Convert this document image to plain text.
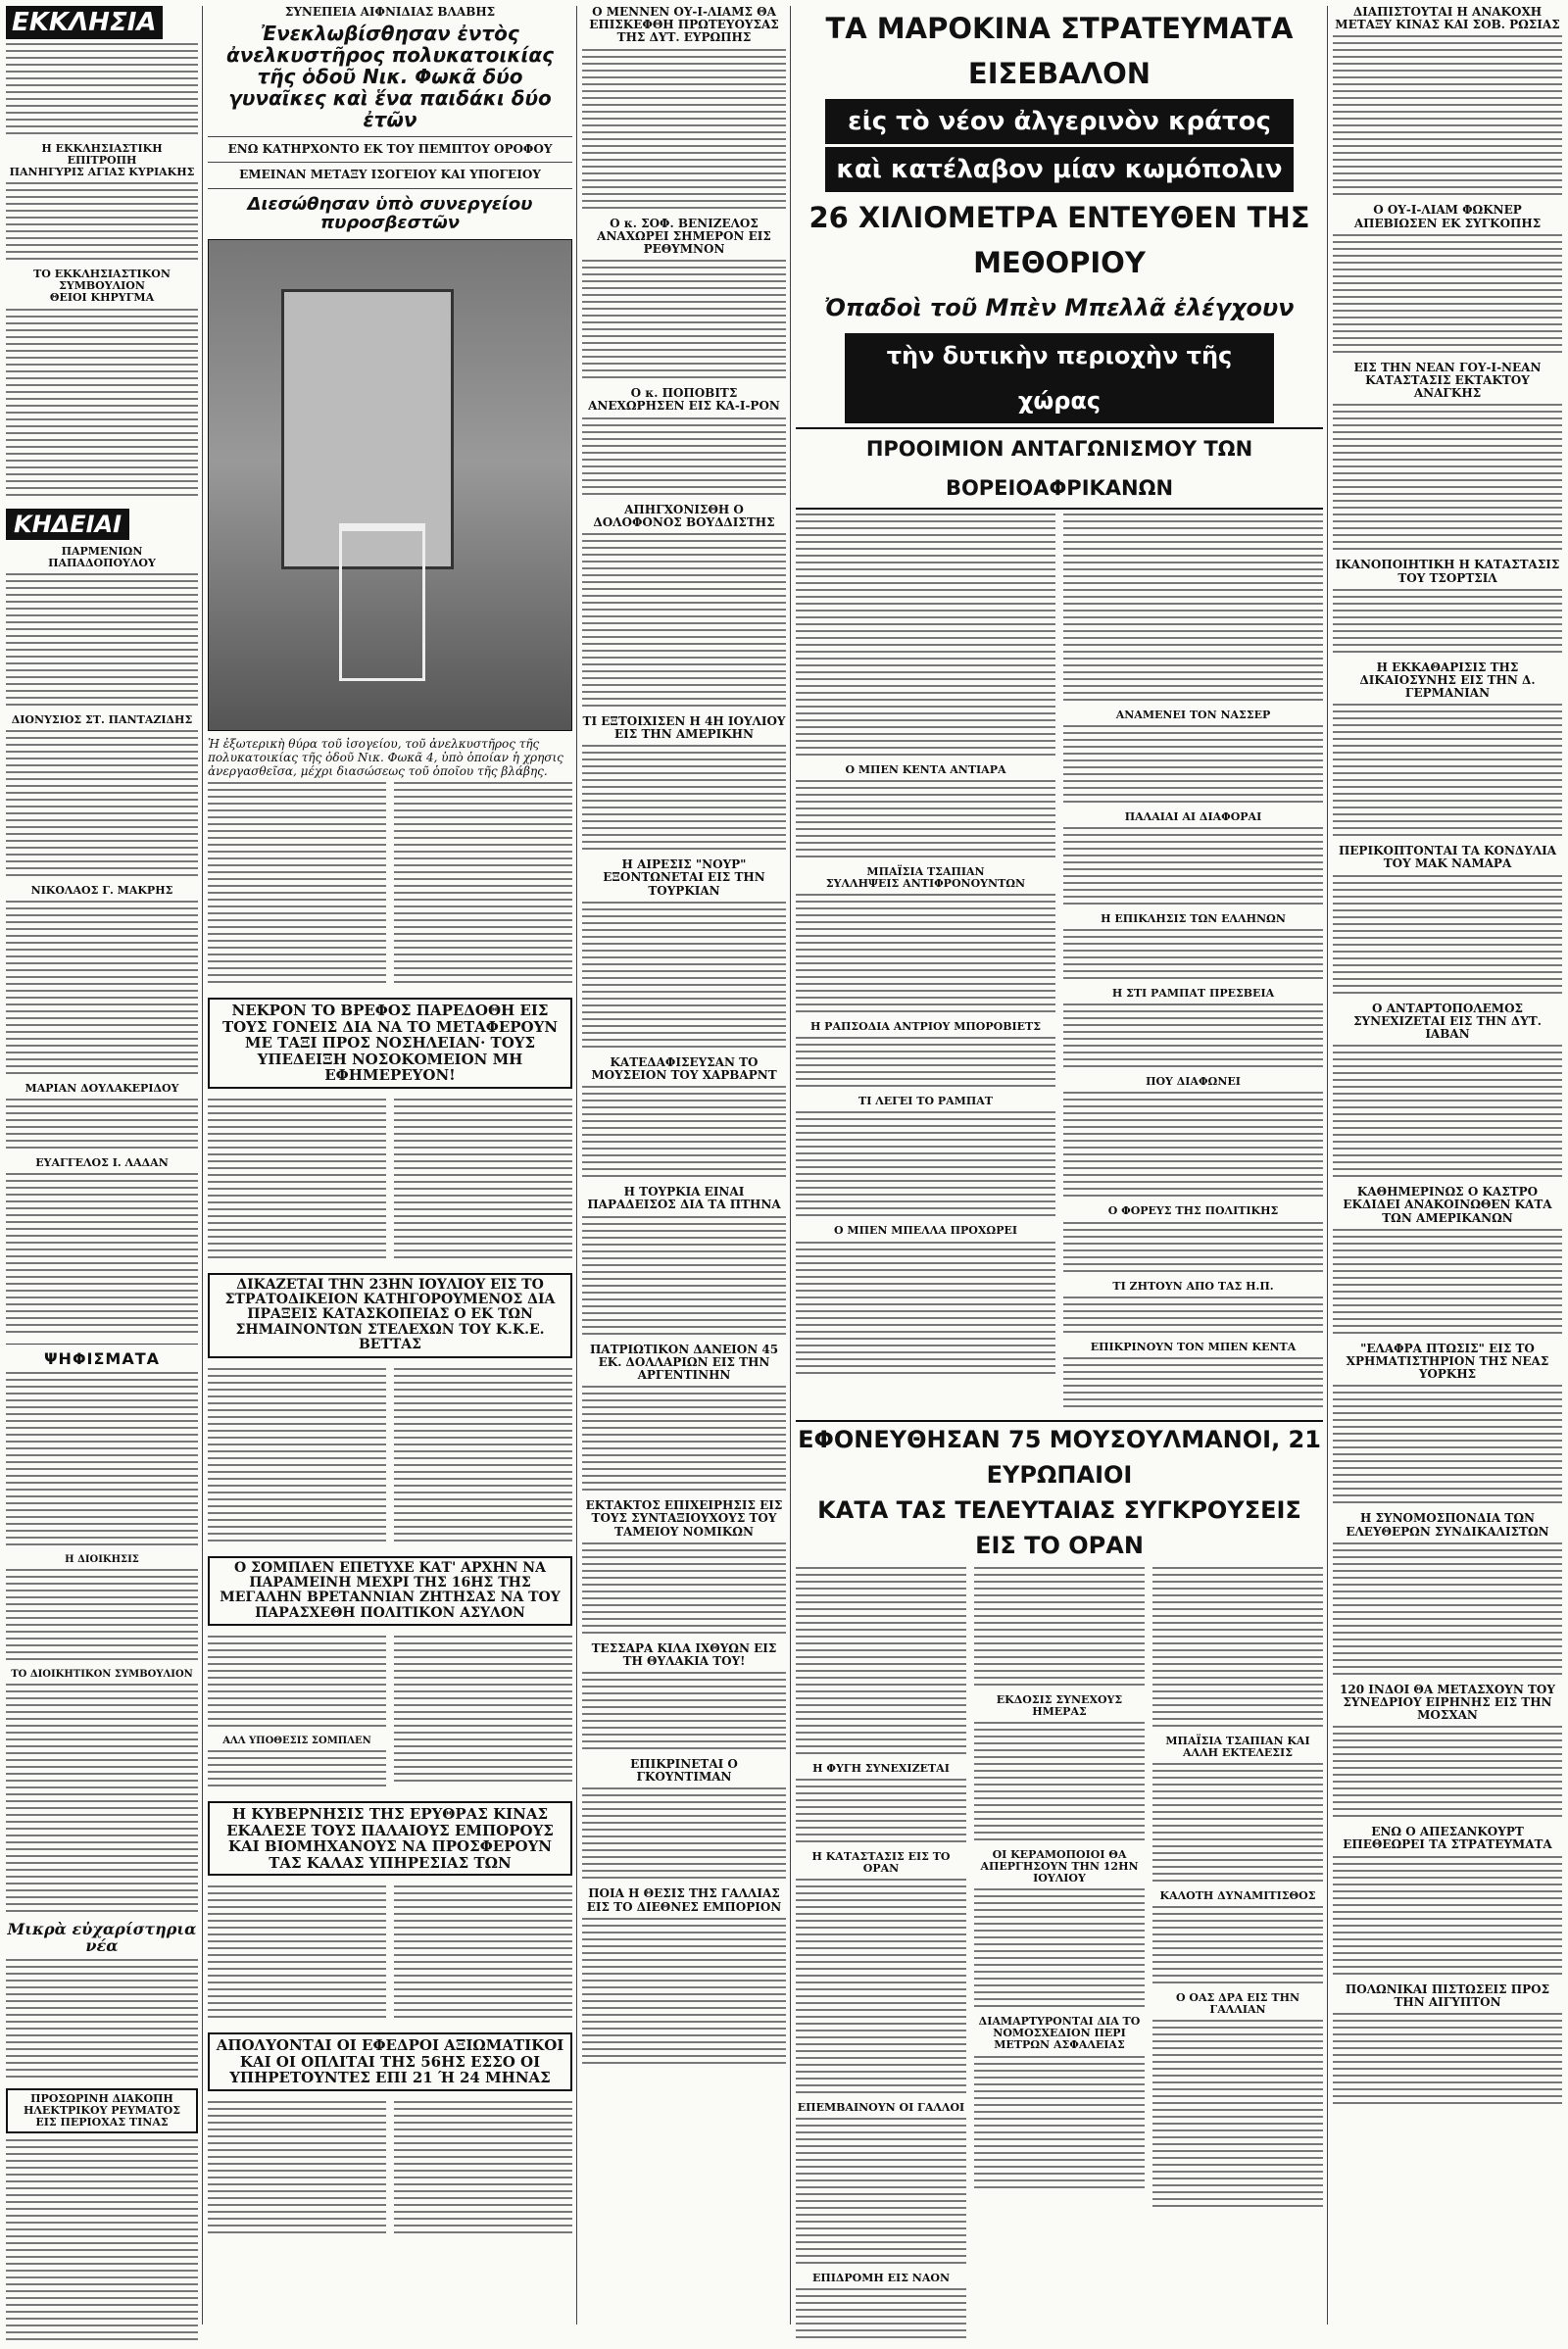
ΕΚΚΛΗΣΙΑ
Η ΕΚΚΛΗΣΙΑΣΤΙΚΗ ΕΠΙΤΡΟΠΗ
ΠΑΝΗΓΥΡΙΣ ΑΓΙΑΣ ΚΥΡΙΑΚΗΣ
ΤΟ ΕΚΚΛΗΣΙΑΣΤΙΚΟΝ ΣΥΜΒΟΥΛΙΟΝ
ΘΕΙΟΙ ΚΗΡΥΓΜΑ
ΚΗΔΕΙΑΙ
ΠΑΡΜΕΝΙΩΝ ΠΑΠΑΔΟΠΟΥΛΟΥ
ΔΙΟΝΥΣΙΟΣ ΣΤ. ΠΑΝΤΑΖΙΔΗΣ
ΝΙΚΟΛΑΟΣ Γ. ΜΑΚΡΗΣ
ΜΑΡΙΑΝ ΔΟΥΛΑΚΕΡΙΔΟΥ
ΕΥΑΓΓΕΛΟΣ Ι. ΛΑΔΑΝ
ΨΗΦΙΣΜΑΤΑ
Η ΔΙΟΙΚΗΣΙΣ
ΤΟ ΔΙΟΙΚΗΤΙΚΟΝ ΣΥΜΒΟΥΛΙΟΝ
Μικρὰ εὐχαρίστηρια νέα
ΠΡΟΣΩΡΙΝΗ ΔΙΑΚΟΠΗ ΗΛΕΚΤΡΙΚΟΥ ΡΕΥΜΑΤΟΣ ΕΙΣ ΠΕΡΙΟΧΑΣ ΤΙΝΑΣ
ΣΥΝΕΠΕΙΑ ΑΙΦΝΙΔΙΑΣ ΒΛΑΒΗΣ
Ἐνεκλωβίσθησαν ἐντὸς ἀνελκυστῆρος πολυκατοικίας τῆς ὁδοῦ Νικ. Φωκᾶ δύο γυναῖκες καὶ ἕνα παιδάκι δύο ἐτῶν
ΕΝΩ ΚΑΤΗΡΧΟΝΤΟ ΕΚ ΤΟΥ ΠΕΜΠΤΟΥ ΟΡΟΦΟΥ
ΕΜΕΙΝΑΝ ΜΕΤΑΞΥ ΙΣΟΓΕΙΟΥ ΚΑΙ ΥΠΟΓΕΙΟΥ
Διεσώθησαν ὑπὸ συνεργείου πυροσβεστῶν
Ἡ ἐξωτερικὴ θύρα τοῦ ἰσογείου, τοῦ ἀνελκυστῆρος τῆς πολυκατοικίας τῆς ὁδοῦ Νικ. Φωκᾶ 4, ὑπὸ ὁποίαν ἡ χρησις ἀνεργασθεῖσα, μέχρι διασώσεως τοῦ ὁποῖου τῆς βλάβης.
ΝΕΚΡΟΝ ΤΟ ΒΡΕΦΟΣ ΠΑΡΕΔΟΘΗ ΕΙΣ ΤΟΥΣ ΓΟΝΕΙΣ ΔΙΑ ΝΑ ΤΟ ΜΕΤΑΦΕΡΟΥΝ ΜΕ ΤΑΞΙ ΠΡΟΣ ΝΟΣΗΛΕΙΑΝ· ΤΟΥΣ ΥΠΕΔΕΙΞΗ ΝΟΣΟΚΟΜΕΙΟΝ ΜΗ ΕΦΗΜΕΡΕΥΟΝ!
ΔΙΚΑΖΕΤΑΙ ΤΗΝ 23ΗΝ ΙΟΥΛΙΟΥ ΕΙΣ ΤΟ ΣΤΡΑΤΟΔΙΚΕΙΟΝ ΚΑΤΗΓΟΡΟΥΜΕΝΟΣ ΔΙΑ ΠΡΑΞΕΙΣ ΚΑΤΑΣΚΟΠΕΙΑΣ Ο ΕΚ ΤΩΝ ΣΗΜΑΙΝΟΝΤΩΝ ΣΤΕΛΕΧΩΝ ΤΟΥ Κ.Κ.Ε. ΒΕΤΤΑΣ
Ο ΣΟΜΠΛΕΝ ΕΠΕΤΥΧΕ ΚΑΤ' ΑΡΧΗΝ ΝΑ ΠΑΡΑΜΕΙΝΗ ΜΕΧΡΙ ΤΗΣ 16ΗΣ ΤΗΣ ΜΕΓΑΛΗΝ ΒΡΕΤΑΝΝΙΑΝ ΖΗΤΗΣΑΣ ΝΑ ΤΟΥ ΠΑΡΑΣΧΕΘΗ ΠΟΛΙΤΙΚΟΝ ΑΣΥΛΟΝ
ΑΛΛ ΥΠΟΘΕΣΙΣ ΣΟΜΠΛΕΝ
Η ΚΥΒΕΡΝΗΣΙΣ ΤΗΣ ΕΡΥΘΡΑΣ ΚΙΝΑΣ ΕΚΑΛΕΣΕ ΤΟΥΣ ΠΑΛΑΙΟΥΣ ΕΜΠΟΡΟΥΣ ΚΑΙ ΒΙΟΜΗΧΑΝΟΥΣ ΝΑ ΠΡΟΣΦΕΡΟΥΝ ΤΑΣ ΚΑΛΑΣ ΥΠΗΡΕΣΙΑΣ ΤΩΝ
ΑΠΟΛΥΟΝΤΑΙ ΟΙ ΕΦΕΔΡΟΙ ΑΞΙΩΜΑΤΙΚΟΙ ΚΑΙ ΟΙ ΟΠΛΙΤΑΙ ΤΗΣ 56ΗΣ ΕΣΣΟ ΟΙ ΥΠΗΡΕΤΟΥΝΤΕΣ ΕΠΙ 21 Ή 24 ΜΗΝΑΣ
Ο ΜΕΝΝΕΝ ΟΥ-Ι-ΛΙΑΜΣ ΘΑ ΕΠΙΣΚΕΦΘΗ ΠΡΩΤΕΥΟΥΣΑΣ ΤΗΣ ΔΥΤ. ΕΥΡΩΠΗΣ
Ο κ. ΣΟΦ. ΒΕΝΙΖΕΛΟΣ ΑΝΑΧΩΡΕΙ ΣΗΜΕΡΟΝ ΕΙΣ ΡΕΘΥΜΝΟΝ
Ο κ. ΠΟΠΟΒΙΤΣ ΑΝΕΧΩΡΗΣΕΝ ΕΙΣ ΚΑ-Ι-ΡΟΝ
ΑΠΗΓΧΟΝΙΣΘΗ Ο ΔΟΛΟΦΟΝΟΣ ΒΟΥΔΔΙΣΤΗΣ
ΤΙ ΕΞΤΟΙΧΙΣΕΝ Η 4Η ΙΟΥΛΙΟΥ ΕΙΣ ΤΗΝ ΑΜΕΡΙΚΗΝ
Η ΑΙΡΕΣΙΣ "ΝΟΥΡ" ΕΞΟΝΤΩΝΕΤΑΙ ΕΙΣ ΤΗΝ ΤΟΥΡΚΙΑΝ
ΚΑΤΕΔΑΦΙΣΕΥΣΑΝ ΤΟ ΜΟΥΣΕΙΟΝ ΤΟΥ ΧΑΡΒΑΡΝΤ
Η ΤΟΥΡΚΙΑ ΕΙΝΑΙ ΠΑΡΑΔΕΙΣΟΣ ΔΙΑ ΤΑ ΠΤΗΝΑ
ΠΑΤΡΙΩΤΙΚΟΝ ΔΑΝΕΙΟΝ 45 ΕΚ. ΔΟΛΛΑΡΙΩΝ ΕΙΣ ΤΗΝ ΑΡΓΕΝΤΙΝΗΝ
ΕΚΤΑΚΤΟΣ ΕΠΙΧΕΙΡΗΣΙΣ ΕΙΣ ΤΟΥΣ ΣΥΝΤΑΞΙΟΥΧΟΥΣ ΤΟΥ ΤΑΜΕΙΟΥ ΝΟΜΙΚΩΝ
ΤΕΣΣΑΡΑ ΚΙΛΑ ΙΧΘΥΩΝ ΕΙΣ ΤΗ ΘΥΛΑΚΙΑ ΤΟΥ!
ΕΠΙΚΡΙΝΕΤΑΙ Ο ΓΚΟΥΝΤΙΜΑΝ
ΠΟΙΑ Η ΘΕΣΙΣ ΤΗΣ ΓΑΛΛΙΑΣ ΕΙΣ ΤΟ ΔΙΕΘΝΕΣ ΕΜΠΟΡΙΟΝ
ΤΑ ΜΑΡΟΚΙΝΑ ΣΤΡΑΤΕΥΜΑΤΑ ΕΙΣΕΒΑΛΟΝ
εἰς τὸ νέον ἀλγερινὸν κράτος
καὶ κατέλαβον μίαν κωμόπολιν
26 ΧΙΛΙΟΜΕΤΡΑ ΕΝΤΕΥΘΕΝ ΤΗΣ ΜΕΘΟΡΙΟΥ
Ὀπαδοὶ τοῦ Μπὲν Μπελλᾶ ἐλέγχουν
τὴν δυτικὴν περιοχὴν τῆς χώρας
ΠΡΟΟΙΜΙΟΝ ΑΝΤΑΓΩΝΙΣΜΟΥ ΤΩΝ ΒΟΡΕΙΟΑΦΡΙΚΑΝΩΝ
Ο ΜΠΕΝ ΚΕΝΤΑ ΑΝΤΙΑΡΑ
ΜΠΑΪΣΙΑ ΤΣΑΠΙΑΝ
ΣΥΛΛΗΨΕΙΣ ΑΝΤΙΦΡΟΝΟΥΝΤΩΝ
Η ΡΑΠΣΟΔΙΑ ΑΝΤΡΙΟΥ ΜΠΟΡΟΒΙΕΤΣ
ΤΙ ΛΕΓΕΙ ΤΟ ΡΑΜΠΑΤ
Ο ΜΠΕΝ ΜΠΕΛΛΑ ΠΡΟΧΩΡΕΙ
ΑΝΑΜΕΝΕΙ ΤΟΝ ΝΑΣΣΕΡ
ΠΑΛΑΙΑΙ ΑΙ ΔΙΑΦΟΡΑΙ
Η ΕΠΙΚΛΗΣΙΣ ΤΩΝ ΕΛΛΗΝΩΝ
Η ΣΤΙ ΡΑΜΠΑΤ ΠΡΕΣΒΕΙΑ
ΠΟΥ ΔΙΑΦΩΝΕΙ
Ο ΦΟΡΕΥΣ ΤΗΣ ΠΟΛΙΤΙΚΗΣ
ΤΙ ΖΗΤΟΥΝ ΑΠΟ ΤΑΣ Η.Π.
ΕΠΙΚΡΙΝΟΥΝ ΤΟΝ ΜΠΕΝ ΚΕΝΤΑ
ΕΦΟΝΕΥΘΗΣΑΝ 75 ΜΟΥΣΟΥΛΜΑΝΟΙ, 21 ΕΥΡΩΠΑΙΟΙ
ΚΑΤΑ ΤΑΣ ΤΕΛΕΥΤΑΙΑΣ ΣΥΓΚΡΟΥΣΕΙΣ ΕΙΣ ΤΟ ΟΡΑΝ
Η ΦΥΓΗ ΣΥΝΕΧΙΖΕΤΑΙ
Η ΚΑΤΑΣΤΑΣΙΣ ΕΙΣ ΤΟ ΟΡΑΝ
ΕΠΕΜΒΑΙΝΟΥΝ ΟΙ ΓΑΛΛΟΙ
ΕΠΙΔΡΟΜΗ ΕΙΣ ΝΑΟΝ
ΕΚΔΟΣΙΣ ΣΥΝΕΧΟΥΣ ΗΜΕΡΑΣ
ΟΙ ΚΕΡΑΜΟΠΟΙΟΙ ΘΑ ΑΠΕΡΓΗΣΟΥΝ ΤΗΝ 12ΗΝ ΙΟΥΛΙΟΥ
ΔΙΑΜΑΡΤΥΡΟΝΤΑΙ ΔΙΑ ΤΟ ΝΟΜΟΣΧΕΔΙΟΝ ΠΕΡΙ ΜΕΤΡΩΝ ΑΣΦΑΛΕΙΑΣ
ΜΠΑΪΣΙΑ ΤΣΑΠΙΑΝ ΚΑΙ ΑΛΛΗ ΕΚΤΕΛΕΣΙΣ
ΚΑΛΟΤΗ ΔΥΝΑΜΙΤΙΣΘΟΣ
Ο ΟΑΣ ΔΡΑ ΕΙΣ ΤΗΝ ΓΑΛΛΙΑΝ
ΔΙΑΠΙΣΤΟΥΤΑΙ Η ΑΝΑΚΟΧΗ ΜΕΤΑΞΥ ΚΙΝΑΣ ΚΑΙ ΣΟΒ. ΡΩΣΙΑΣ
Ο ΟΥ-Ι-ΛΙΑΜ ΦΩΚΝΕΡ ΑΠΕΒΙΩΣΕΝ ΕΚ ΣΥΓΚΟΠΗΣ
ΕΙΣ ΤΗΝ ΝΕΑΝ ΓΟΥ-Ι-ΝΕΑΝ ΚΑΤΑΣΤΑΣΙΣ ΕΚΤΑΚΤΟΥ ΑΝΑΓΚΗΣ
ΙΚΑΝΟΠΟΙΗΤΙΚΗ Η ΚΑΤΑΣΤΑΣΙΣ ΤΟΥ ΤΣΟΡΤΣΙΛ
Η ΕΚΚΑΘΑΡΙΣΙΣ ΤΗΣ ΔΙΚΑΙΟΣΥΝΗΣ ΕΙΣ ΤΗΝ Δ. ΓΕΡΜΑΝΙΑΝ
ΠΕΡΙΚΟΠΤΟΝΤΑΙ ΤΑ ΚΟΝΔΥΛΙΑ ΤΟΥ ΜΑΚ ΝΑΜΑΡΑ
Ο ΑΝΤΑΡΤΟΠΟΛΕΜΟΣ ΣΥΝΕΧΙΖΕΤΑΙ ΕΙΣ ΤΗΝ ΔΥΤ. ΙΑΒΑΝ
ΚΑΘΗΜΕΡΙΝΩΣ Ο ΚΑΣΤΡΟ ΕΚΔΙΔΕΙ ΑΝΑΚΟΙΝΩΘΕΝ ΚΑΤΑ ΤΩΝ ΑΜΕΡΙΚΑΝΩΝ
"ΕΛΑΦΡΑ ΠΤΩΣΙΣ" ΕΙΣ ΤΟ ΧΡΗΜΑΤΙΣΤΗΡΙΟΝ ΤΗΣ ΝΕΑΣ ΥΟΡΚΗΣ
Η ΣΥΝΟΜΟΣΠΟΝΔΙΑ ΤΩΝ ΕΛΕΥΘΕΡΩΝ ΣΥΝΔΙΚΑΛΙΣΤΩΝ
120 ΙΝΔΟΙ ΘΑ ΜΕΤΑΣΧΟΥΝ ΤΟΥ ΣΥΝΕΔΡΙΟΥ ΕΙΡΗΝΗΣ ΕΙΣ ΤΗΝ ΜΟΣΧΑΝ
ΕΝΩ Ο ΑΠΕΣΑΝΚΟΥΡΤ ΕΠΕΘΕΩΡΕΙ ΤΑ ΣΤΡΑΤΕΥΜΑΤΑ
ΠΟΛΩΝΙΚΑΙ ΠΙΣΤΩΣΕΙΣ ΠΡΟΣ ΤΗΝ ΑΙΓΥΠΤΟΝ
